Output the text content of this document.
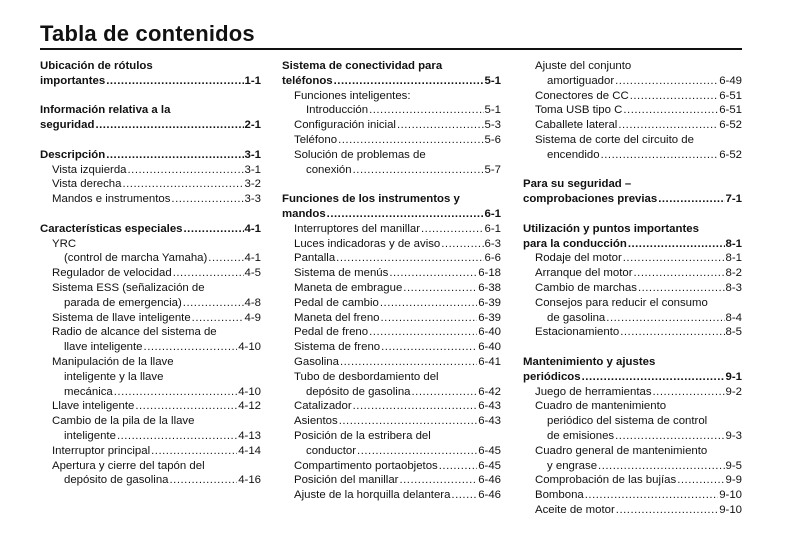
Tabla de contenidos
Ubicación de rótulos
importantes .....	1-1
Información relativa a la
seguridad .....	2-1
Descripción .....	3-1
Vista izquierda .....	3-1
Vista derecha .....	3-2
Mandos e instrumentos .....	3-3
Características especiales .....	4-1
YRC
(control de marcha Yamaha) .....	4-1
Regulador de velocidad .....	4-5
Sistema ESS (señalización de
parada de emergencia) .....	4-8
Sistema de llave inteligente .....	4-9
Radio de alcance del sistema de
llave inteligente .....	4-10
Manipulación de la llave
inteligente y la llave
mecánica .....	4-10
Llave inteligente .....	4-12
Cambio de la pila de la llave
inteligente .....	4-13
Interruptor principal .....	4-14
Apertura y cierre del tapón del
depósito de gasolina .....	4-16
Sistema de conectividad para
teléfonos .....	5-1
Funciones inteligentes:
Introducción .....	5-1
Configuración inicial .....	5-3
Teléfono .....	5-6
Solución de problemas de
conexión .....	5-7
Funciones de los instrumentos y
mandos .....	6-1
Interruptores del manillar .....	6-1
Luces indicadoras y de aviso .....	6-3
Pantalla .....	6-6
Sistema de menús .....	6-18
Maneta de embrague .....	6-38
Pedal de cambio .....	6-39
Maneta del freno .....	6-39
Pedal de freno .....	6-40
Sistema de freno .....	6-40
Gasolina .....	6-41
Tubo de desbordamiento del
depósito de gasolina .....	6-42
Catalizador .....	6-43
Asientos .....	6-43
Posición de la estribera del
conductor .....	6-45
Compartimento portaobjetos .....	6-45
Posición del manillar .....	6-46
Ajuste de la horquilla delantera ..... 6-46
Ajuste del conjunto
amortiguador .....	6-49
Conectores de CC .....	6-51
Toma USB tipo C .....	6-51
Caballete lateral .....	6-52
Sistema de corte del circuito de
encendido .....	6-52
Para su seguridad –
comprobaciones previas .....	7-1
Utilización y puntos importantes
para la conducción .....	8-1
Rodaje del motor .....	8-1
Arranque del motor .....	8-2
Cambio de marchas .....	8-3
Consejos para reducir el consumo
de gasolina .....	8-4
Estacionamiento .....	8-5
Mantenimiento y ajustes
periódicos .....	9-1
Juego de herramientas .....	9-2
Cuadro de mantenimiento
periódico del sistema de control
de emisiones .....	9-3
Cuadro general de mantenimiento
y engrase .....	9-5
Comprobación de las bujías .....	9-9
Bombona .....	9-10
Aceite de motor .....	9-10
